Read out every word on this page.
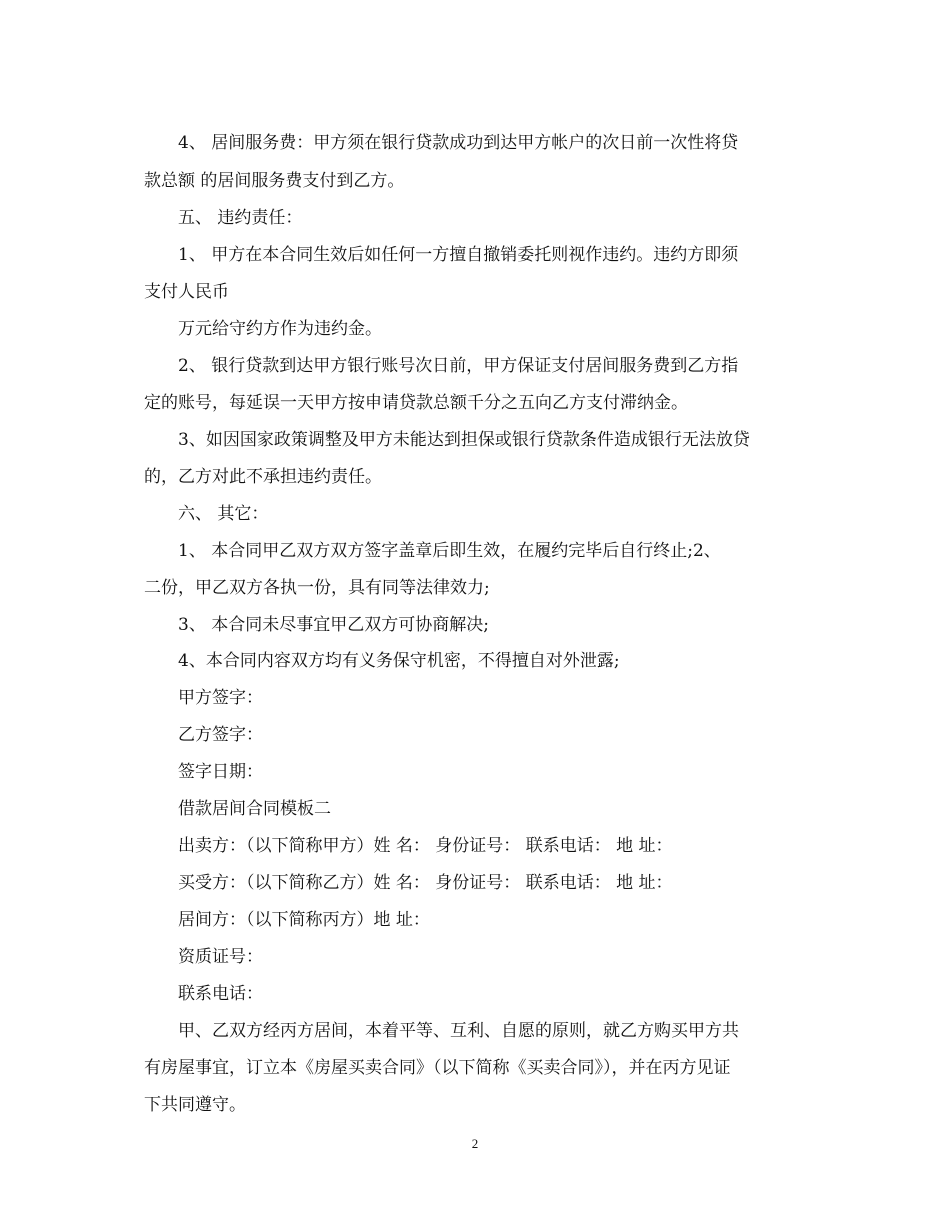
4、 居间服务费：甲方须在银行贷款成功到达甲方帐户的次日前一次性将贷
款总额 的居间服务费支付到乙方。
五、 违约责任：
1、 甲方在本合同生效后如任何一方擅自撤销委托则视作违约。违约方即须
支付人民币
万元给守约方作为违约金。
2、 银行贷款到达甲方银行账号次日前，甲方保证支付居间服务费到乙方指
定的账号，每延误一天甲方按申请贷款总额千分之五向乙方支付滞纳金。
3、如因国家政策调整及甲方未能达到担保或银行贷款条件造成银行无法放贷
的，乙方对此不承担违约责任。
六、 其它：
1、 本合同甲乙双方双方签字盖章后即生效，在履约完毕后自行终止;2、
二份，甲乙双方各执一份，具有同等法律效力;
3、 本合同未尽事宜甲乙双方可协商解决;
4、本合同内容双方均有义务保守机密，不得擅自对外泄露;
甲方签字：
乙方签字：
签字日期：
借款居间合同模板二
出卖方：（以下简称甲方）姓 名： 身份证号： 联系电话： 地 址：
买受方：（以下简称乙方）姓 名： 身份证号： 联系电话： 地 址：
居间方：（以下简称丙方）地 址：
资质证号：
联系电话：
甲、乙双方经丙方居间，本着平等、互利、自愿的原则，就乙方购买甲方共
有房屋事宜，订立本《房屋买卖合同》（以下简称《买卖合同》），并在丙方见证
下共同遵守。
2
